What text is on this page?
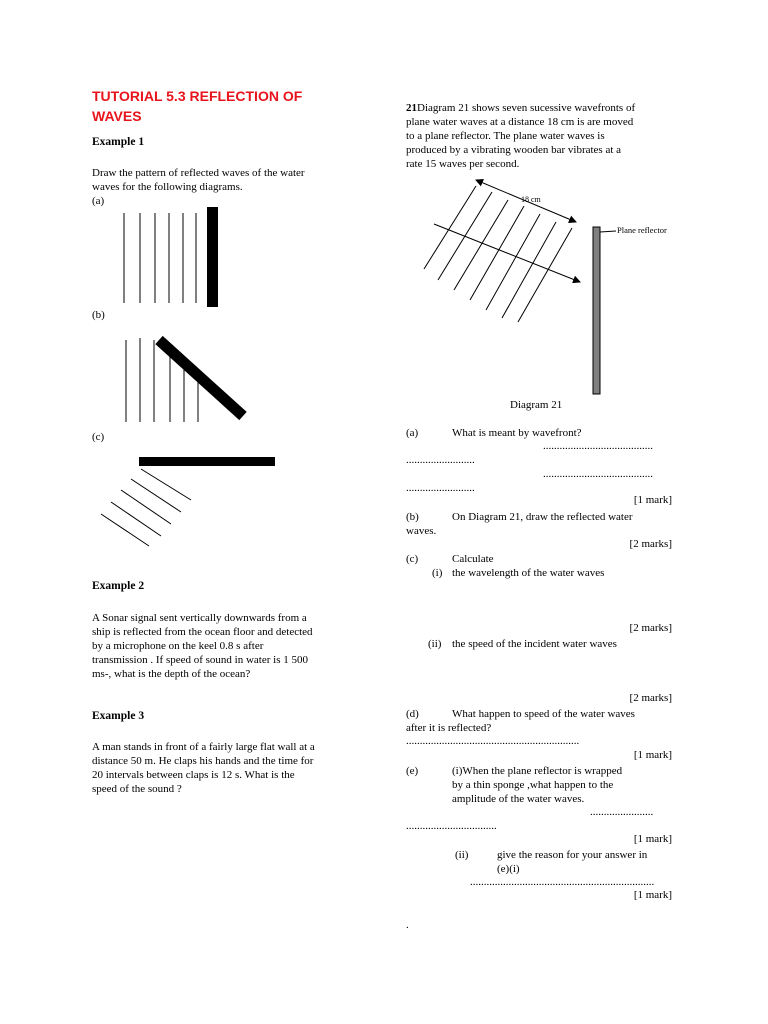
TUTORIAL 5.3 REFLECTION OF
WAVES
Example 1
Draw the pattern of reflected waves of the water
waves for the following diagrams.
(a)
(b)
(c)
Example 2
A Sonar signal sent vertically downwards from a
ship is reflected from the ocean floor and detected
by a microphone on the keel 0.8 s after
transmission . If speed of sound in water is 1 500
ms-, what is the depth of the ocean?
Example 3
A man stands in front of a fairly large flat wall at a
distance 50 m. He claps his hands and the time for
20 intervals between claps is 12 s. What is the
speed of the sound ?
21Diagram 21 shows seven sucessive wavefronts of
plane water waves at a distance 18 cm is are moved
to a plane reflector. The plane water waves is
produced by a vibrating wooden bar vibrates at a
rate 15 waves per second.
18 cm
Plane reflector
Diagram 21
(a)	What is meant by wavefront?
........................................
.........................
........................................
.........................
[1 mark]
(b)	On Diagram 21, draw the reflected water
waves.
[2 marks]
(c)	Calculate
(i) the wavelength of the water waves
[2 marks]
(ii) the speed of the incident water waves
[2 marks]
(d)	What happen to speed of the water waves
after it is reflected?
...............................................................
[1 mark]
(e)	(i)When the plane reflector is wrapped
by a thin sponge ,what happen to the
amplitude of the water waves.
.......................
.................................
[1 mark]
(ii)	give the reason for your answer in
(e)(i)
...................................................................
[1 mark]
.
